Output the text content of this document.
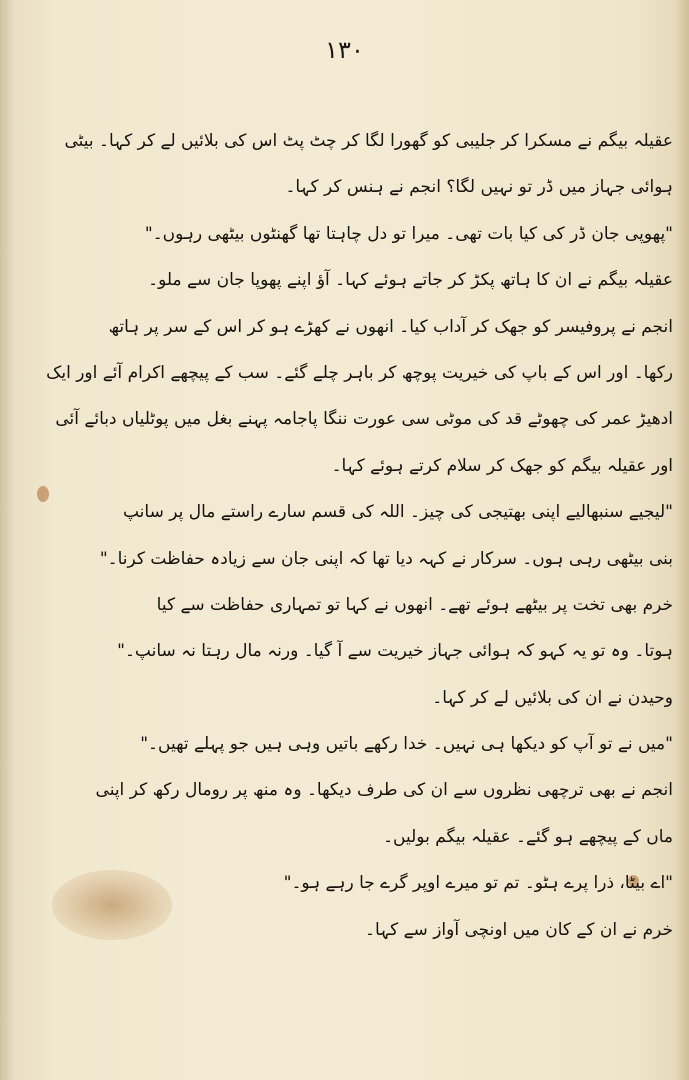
۱۳۰
عقیلہ بیگم نے مسکرا کر جلیبی کو گھورا لگا کر چٹ پٹ اس کی بلائیں لے کر کہا۔ بیٹی
ہوائی جہاز میں ڈر تو نہیں لگا؟ انجم نے ہنس کر کہا۔
"پھوپی جان ڈر کی کیا بات تھی۔ میرا تو دل چاہتا تھا گھنٹوں بیٹھی رہوں۔"
عقیلہ بیگم نے ان کا ہاتھ پکڑ کر جاتے ہوئے کہا۔ آؤ اپنے پھوپا جان سے ملو۔
انجم نے پروفیسر کو جھک کر آداب کیا۔ انھوں نے کھڑے ہو کر اس کے سر پر ہاتھ
رکھا۔ اور اس کے باپ کی خیریت پوچھ کر باہر چلے گئے۔ سب کے پیچھے اکرام آئے اور ایک
ادھیڑ عمر کی چھوٹے قد کی موٹی سی عورت ننگا پاجامہ پہنے بغل میں پوٹلیاں دبائے آئی
اور عقیلہ بیگم کو جھک کر سلام کرتے ہوئے کہا۔
"لیجیے سنبھالیے اپنی بھتیجی کی چیز۔ اللہ کی قسم سارے راستے مال پر سانپ
بنی بیٹھی رہی ہوں۔ سرکار نے کہہ دیا تھا کہ اپنی جان سے زیادہ حفاظت کرنا۔"
خرم بھی تخت پر بیٹھے ہوئے تھے۔ انھوں نے کہا تو تمہاری حفاظت سے کیا
ہوتا۔ وہ تو یہ کہو کہ ہوائی جہاز خیریت سے آ گیا۔ ورنہ مال رہتا نہ سانپ۔"
وحیدن نے ان کی بلائیں لے کر کہا۔
"میں نے تو آپ کو دیکھا ہی نہیں۔ خدا رکھے باتیں وہی ہیں جو پہلے تھیں۔"
انجم نے بھی ترچھی نظروں سے ان کی طرف دیکھا۔ وہ منھ پر رومال رکھ کر اپنی
ماں کے پیچھے ہو گئے۔ عقیلہ بیگم بولیں۔
"اے بیٹا، ذرا پرے ہٹو۔ تم تو میرے اوپر گرے جا رہے ہو۔"
خرم نے ان کے کان میں اونچی آواز سے کہا۔
